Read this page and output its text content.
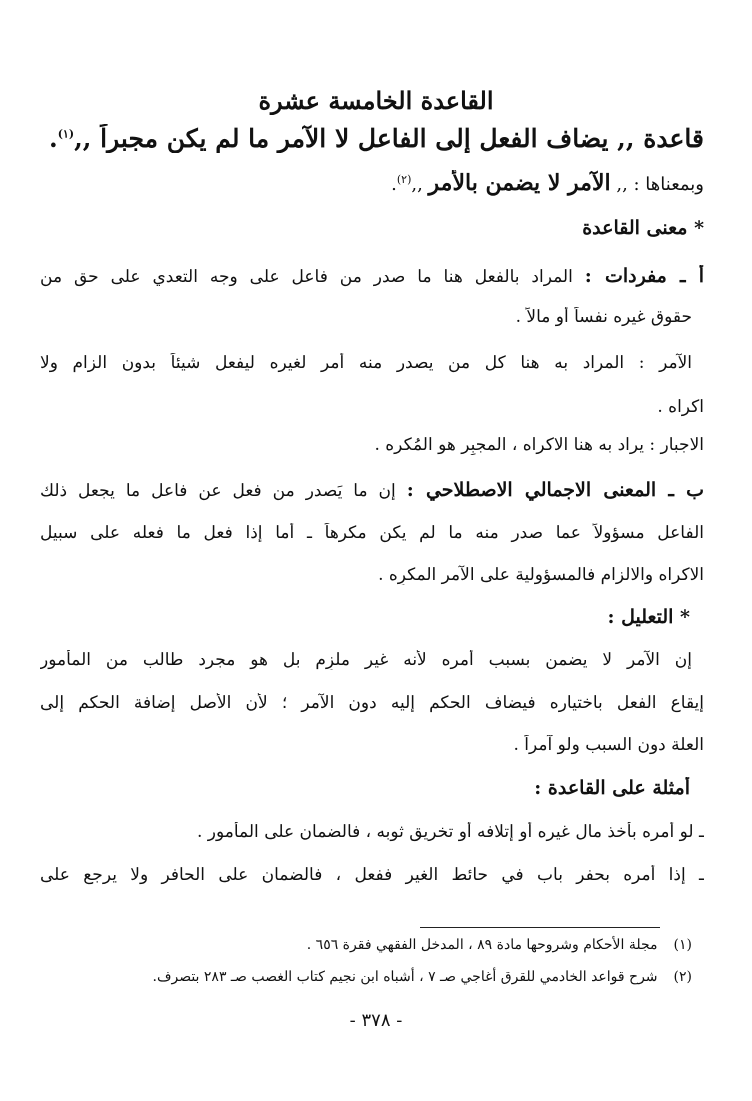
القاعدة الخامسة عشرة
قاعدة ,, يضاف الفعل إلى الفاعل لا الآمر ما لم يكن مجبراً ,,$^{(١)}$.
وبمعناها : ,, الآمر لا يضمن بالأمر ,,$^{(٢)}$.
* معنى القاعدة
أ ـ مفردات : المراد بالفعل هنا ما صدر من فاعل على وجه التعدي على حق من
حقوق غيره نفساً أو مالاً .
الآمر : المراد به هنا كل من يصدر منه أمر لغيره ليفعل شيئاً بدون الزام ولا
اكراه .
الاجبار : يراد به هنا الاكراه ، المجبِر هو المُكره .
ب ـ المعنى الاجمالي الاصطلاحي : إن ما يَصدر من فعل عن فاعل ما يجعل ذلك
الفاعل مسؤولاً عما صدر منه ما لم يكن مكرهاً ـ أما إذا فعل ما فعله على سبيل
الاكراه والالزام فالمسؤولية على الآمر المكرِه .
* التعليل :
إن الآمر لا يضمن بسبب أمره لأنه غير ملزِم بل هو مجرد طالب من المأمور
إيقاع الفعل باختياره فيضاف الحكم إليه دون الآمر ؛ لأن الأصل إضافة الحكم إلى
العلة دون السبب ولو آمراً .
أمثلة على القاعدة :
ـ لو أمره بأخذ مال غيره أو إتلافه أو تخريق ثوبه ، فالضمان على المأمور .
ـ إذا أمره بحفر باب في حائط الغير ففعل ، فالضمان على الحافر ولا يرجع على
(١) مجلة الأحكام وشروحها مادة ٨٩ ، المدخل الفقهي فقرة ٦٥٦ .
(٢) شرح قواعد الخادمي للقرق أغاجي صـ ٧ ، أشباه ابن نجيم كتاب الغصب صـ ٢٨٣ بتصرف.
- ٣٧٨ -
